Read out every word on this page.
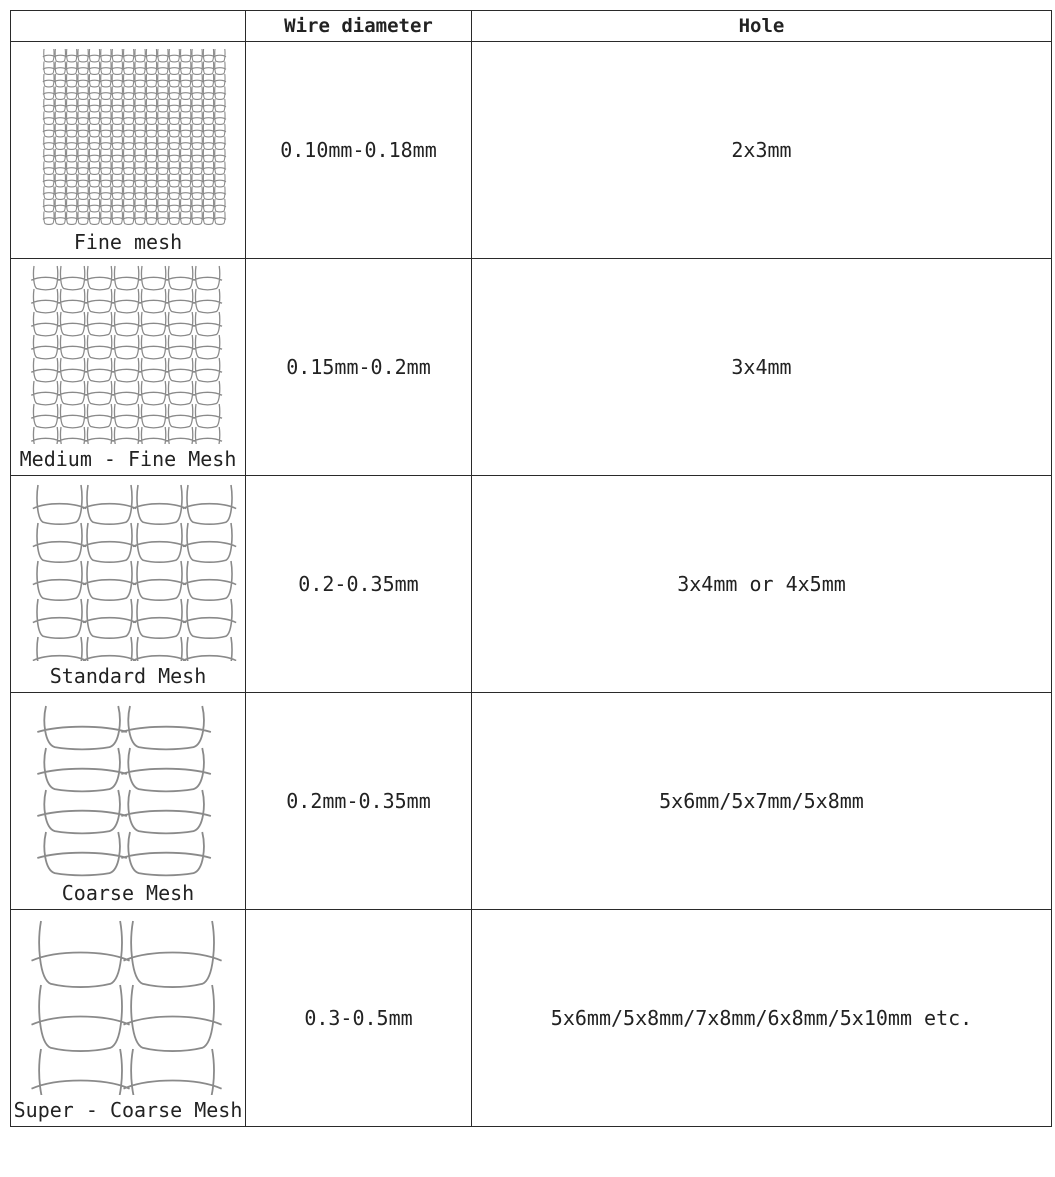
	Wire diameter	Hole

Fine mesh	0.10mm-0.18mm	2x3mm

Medium - Fine Mesh	0.15mm-0.2mm	3x4mm

Standard Mesh	0.2-0.35mm	3x4mm or 4x5mm

Coarse Mesh	0.2mm-0.35mm	5x6mm/5x7mm/5x8mm

Super - Coarse Mesh	0.3-0.5mm	5x6mm/5x8mm/7x8mm/6x8mm/5x10mm etc.
